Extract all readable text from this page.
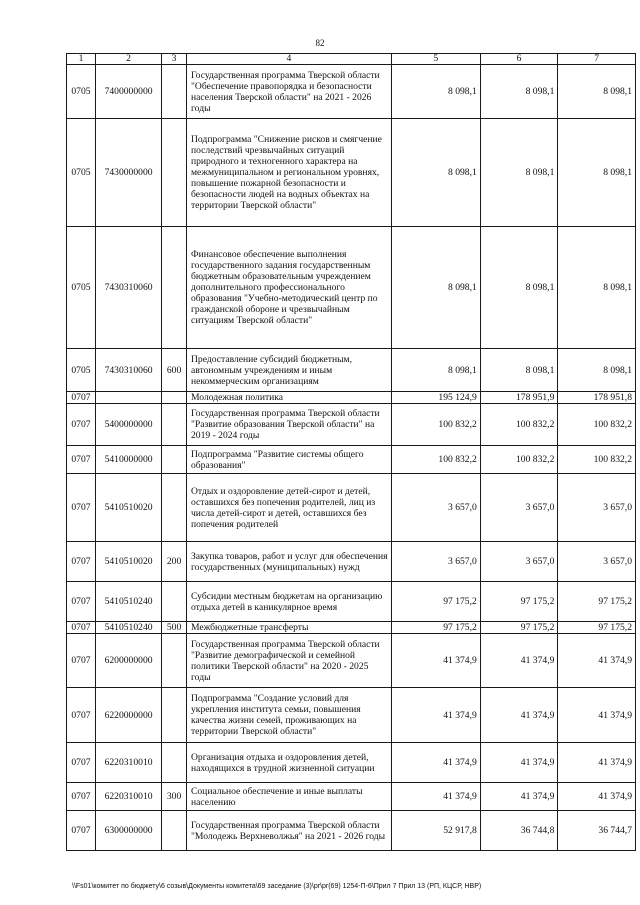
82
1	2	3	4	5	6	7
0705	7400000000		Государственная программа Тверской области "Обеспечение правопорядка и безопасности населения Тверской области" на 2021 - 2026 годы	8 098,1	8 098,1	8 098,1
0705	7430000000		Подпрограмма "Снижение рисков и смягчение последствий чрезвычайных ситуаций природного и техногенного характера на межмуниципальном и региональном уровнях, повышение пожарной безопасности и безопасности людей на водных объектах на территории Тверской области"	8 098,1	8 098,1	8 098,1
0705	7430310060		Финансовое обеспечение выполнения государственного задания государственным бюджетным образовательным учреждением дополнительного профессионального образования "Учебно-методический центр по гражданской обороне и чрезвычайным ситуациям Тверской области"	8 098,1	8 098,1	8 098,1
0705	7430310060	600	Предоставление субсидий бюджетным, автономным учреждениям и иным некоммерческим организациям	8 098,1	8 098,1	8 098,1
0707			Молодежная политика	195 124,9	178 951,9	178 951,8
0707	5400000000		Государственная программа Тверской области "Развитие образования Тверской области" на 2019 - 2024 годы	100 832,2	100 832,2	100 832,2
0707	5410000000		Подпрограмма "Развитие системы общего образования"	100 832,2	100 832,2	100 832,2
0707	5410510020		Отдых и оздоровление детей-сирот и детей, оставшихся без попечения родителей, лиц из числа детей-сирот и детей, оставшихся без попечения родителей	3 657,0	3 657,0	3 657,0
0707	5410510020	200	Закупка товаров, работ и услуг для обеспечения государственных (муниципальных) нужд	3 657,0	3 657,0	3 657,0
0707	5410510240		Субсидии местным бюджетам на организацию отдыха детей в каникулярное время	97 175,2	97 175,2	97 175,2
0707	5410510240	500	Межбюджетные трансферты	97 175,2	97 175,2	97 175,2
0707	6200000000		Государственная программа Тверской области "Развитие демографической и семейной политики Тверской области" на 2020 - 2025 годы	41 374,9	41 374,9	41 374,9
0707	6220000000		Подпрограмма "Создание условий для укрепления института семьи, повышения качества жизни семей, проживающих на территории Тверской области"	41 374,9	41 374,9	41 374,9
0707	6220310010		Организация отдыха и оздоровления детей, находящихся в трудной жизненной ситуации	41 374,9	41 374,9	41 374,9
0707	6220310010	300	Социальное обеспечение и иные выплаты населению	41 374,9	41 374,9	41 374,9
0707	6300000000		Государственная программа Тверской области "Молодежь Верхневолжья" на 2021 - 2026 годы	52 917,8	36 744,8	36 744,7
\\Fs01\комитет по бюджету\6 созыв\Документы комитета\69 заседание (3)\pr\pr(69) 1254-П-6\Прил 7 Прил 13 (РП, КЦСР, НВР)
